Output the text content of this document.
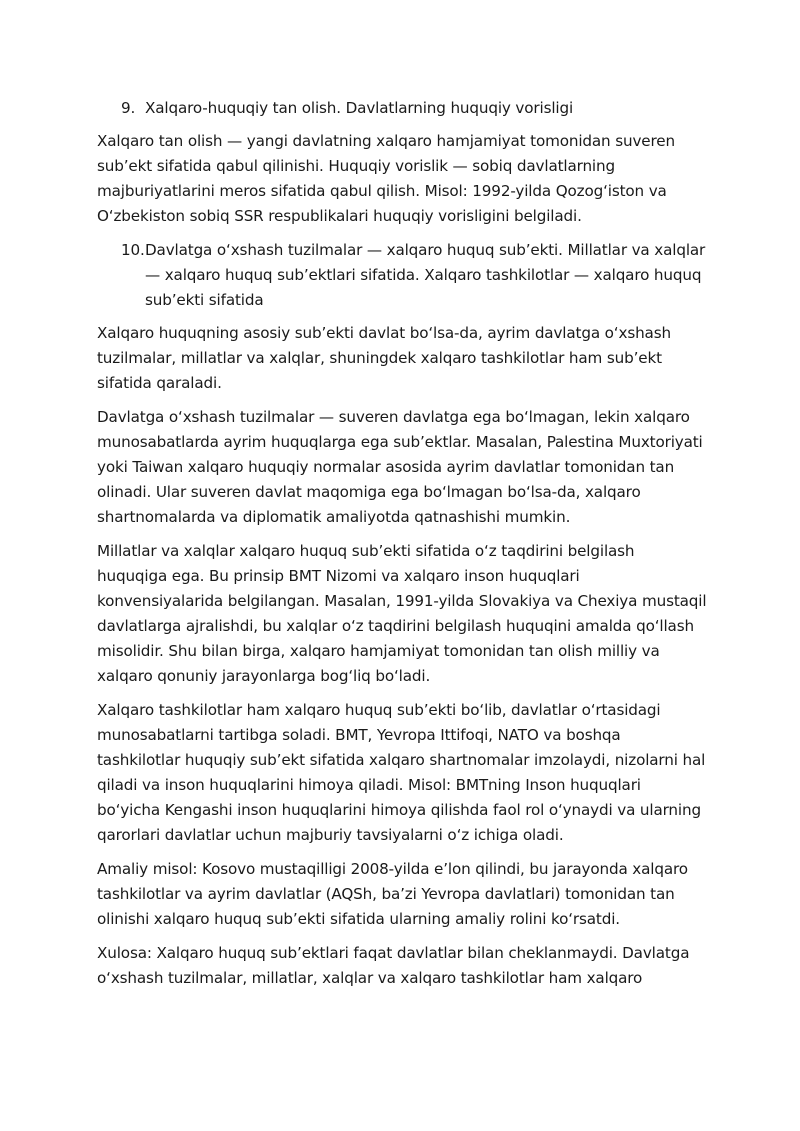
9. Xalqaro-huquqiy tan olish. Davlatlarning huquqiy vorisligi

Xalqaro tan olish — yangi davlatning xalqaro hamjamiyat tomonidan suveren sub’ekt sifatida qabul qilinishi. Huquqiy vorislik — sobiq davlatlarning majburiyatlarini meros sifatida qabul qilish. Misol: 1992-yilda Qozog‘iston va O‘zbekiston sobiq SSR respublikalari huquqiy vorisligini belgiladi.

10. Davlatga o‘xshash tuzilmalar — xalqaro huquq sub’ekti. Millatlar va xalqlar — xalqaro huquq sub’ektlari sifatida. Xalqaro tashkilotlar — xalqaro huquq sub’ekti sifatida

Xalqaro huquqning asosiy sub’ekti davlat bo‘lsa-da, ayrim davlatga o‘xshash tuzilmalar, millatlar va xalqlar, shuningdek xalqaro tashkilotlar ham sub’ekt sifatida qaraladi.

Davlatga o‘xshash tuzilmalar — suveren davlatga ega bo‘lmagan, lekin xalqaro munosabatlarda ayrim huquqlarga ega sub’ektlar. Masalan, Palestina Muxtoriyati yoki Taiwan xalqaro huquqiy normalar asosida ayrim davlatlar tomonidan tan olinadi. Ular suveren davlat maqomiga ega bo‘lmagan bo‘lsa-da, xalqaro shartnomalarda va diplomatik amaliyotda qatnashishi mumkin.

Millatlar va xalqlar xalqaro huquq sub’ekti sifatida o‘z taqdirini belgilash huquqiga ega. Bu prinsip BMT Nizomi va xalqaro inson huquqlari konvensiyalarida belgilangan. Masalan, 1991-yilda Slovakiya va Chexiya mustaqil davlatlarga ajralishdi, bu xalqlar o‘z taqdirini belgilash huquqini amalda qo‘llash misolidir. Shu bilan birga, xalqaro hamjamiyat tomonidan tan olish milliy va xalqaro qonuniy jarayonlarga bog‘liq bo‘ladi.

Xalqaro tashkilotlar ham xalqaro huquq sub’ekti bo‘lib, davlatlar o‘rtasidagi munosabatlarni tartibga soladi. BMT, Yevropa Ittifoqi, NATO va boshqa tashkilotlar huquqiy sub’ekt sifatida xalqaro shartnomalar imzolaydi, nizolarni hal qiladi va inson huquqlarini himoya qiladi. Misol: BMTning Inson huquqlari bo‘yicha Kengashi inson huquqlarini himoya qilishda faol rol o‘ynaydi va ularning qarorlari davlatlar uchun majburiy tavsiyalarni o‘z ichiga oladi.

Amaliy misol: Kosovo mustaqilligi 2008-yilda e’lon qilindi, bu jarayonda xalqaro tashkilotlar va ayrim davlatlar (AQSh, ba’zi Yevropa davlatlari) tomonidan tan olinishi xalqaro huquq sub’ekti sifatida ularning amaliy rolini ko‘rsatdi.

Xulosa: Xalqaro huquq sub’ektlari faqat davlatlar bilan cheklanmaydi. Davlatga o‘xshash tuzilmalar, millatlar, xalqlar va xalqaro tashkilotlar ham xalqaro
